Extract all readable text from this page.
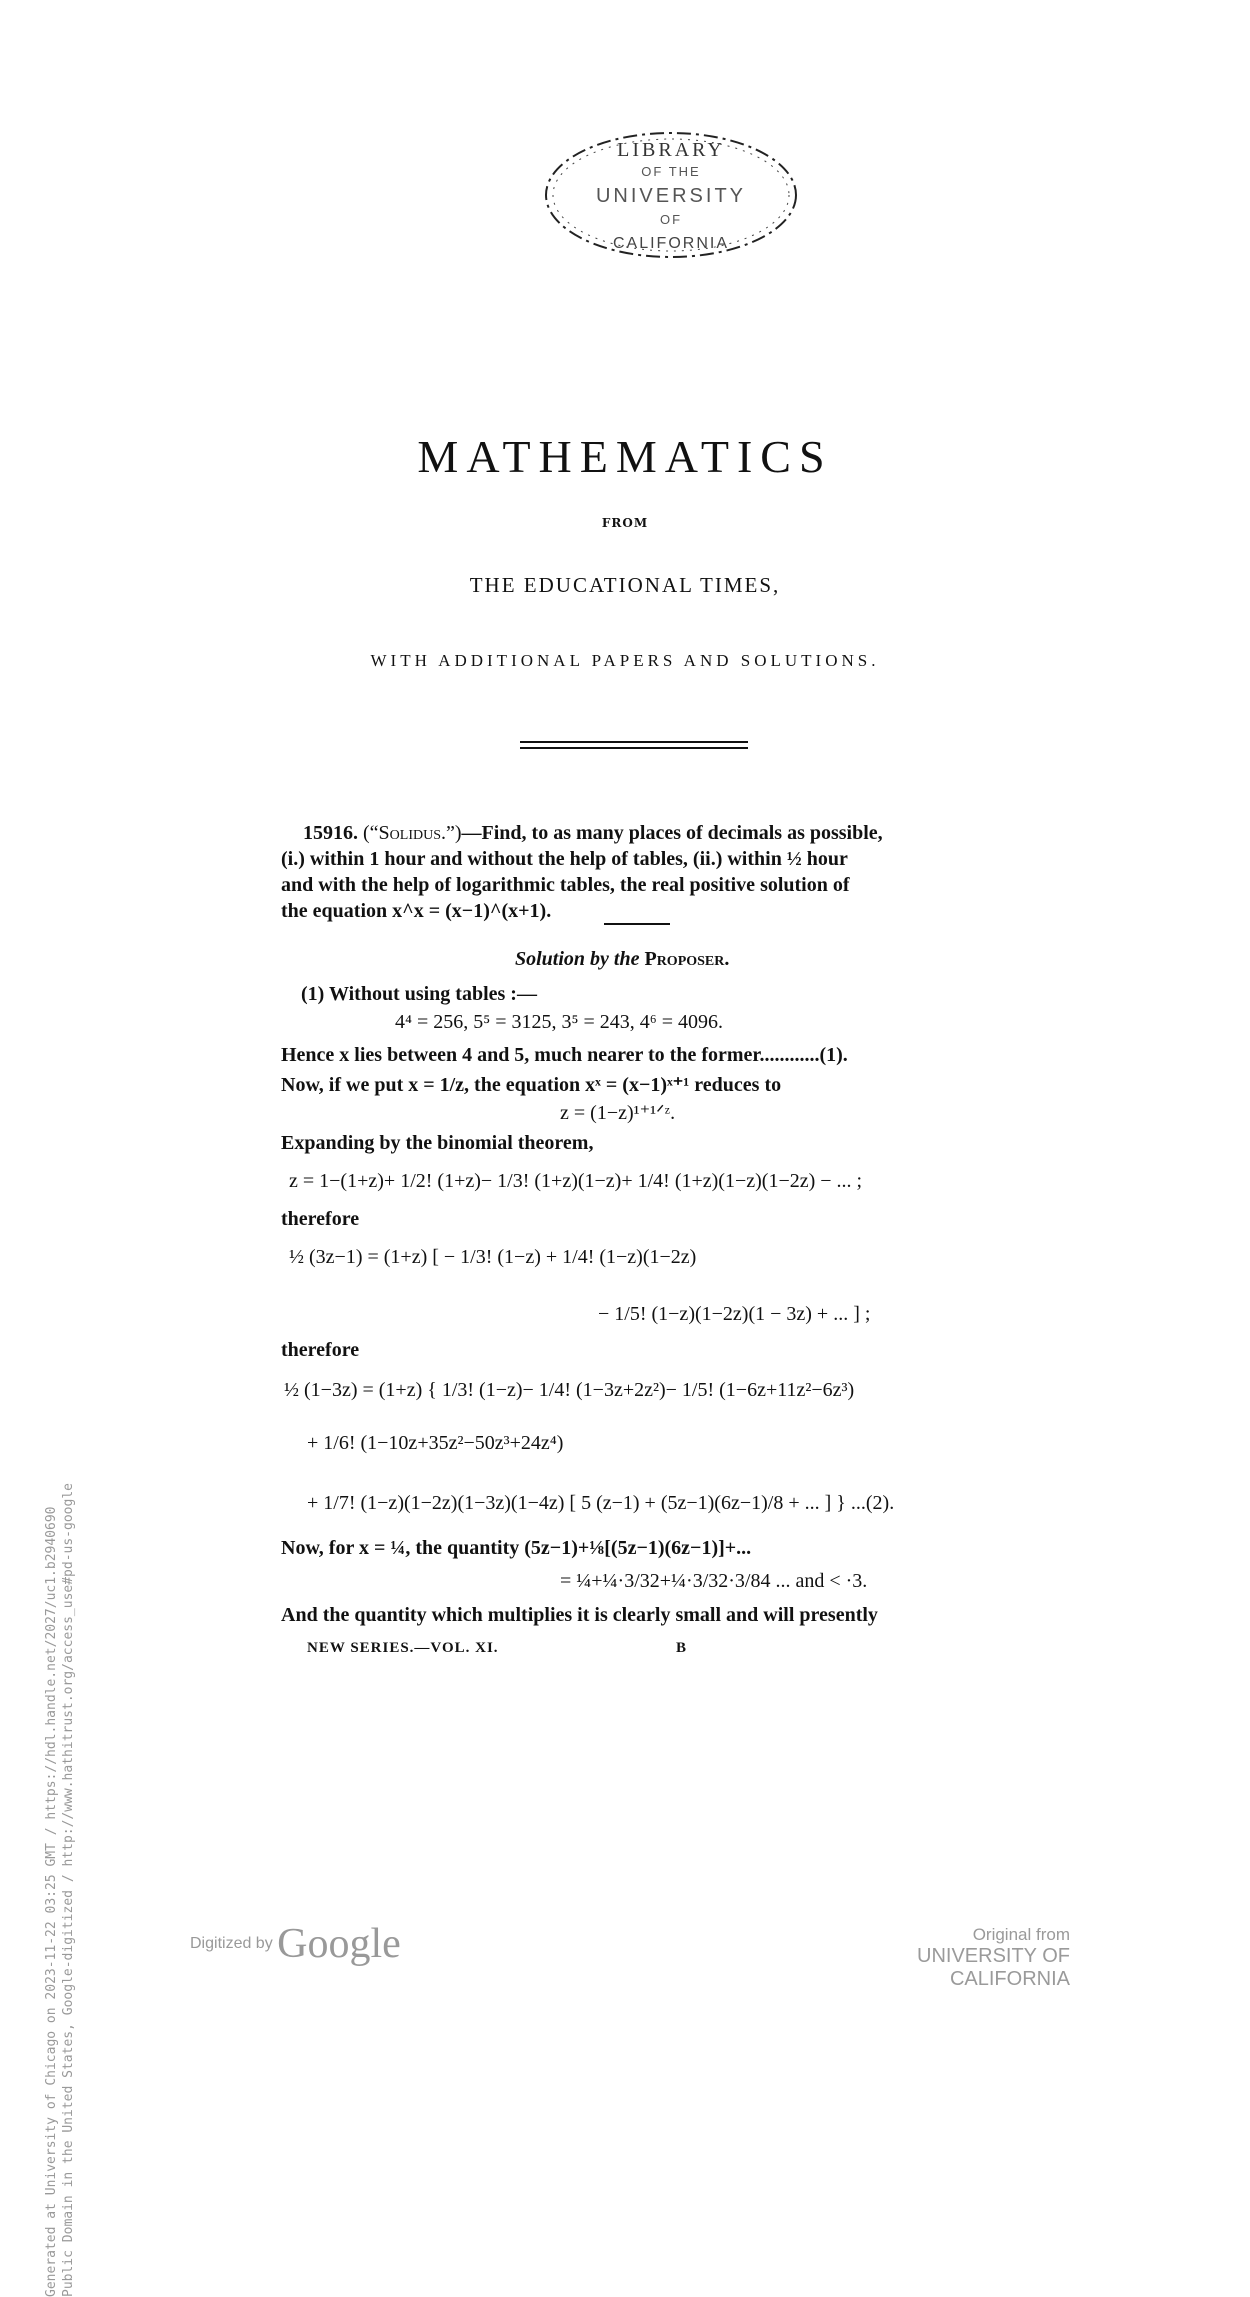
LIBRARY
OF THE
UNIVERSITY
OF
CALIFORNIA
MATHEMATICS
FROM
THE EDUCATIONAL TIMES,
WITH ADDITIONAL PAPERS AND SOLUTIONS.
15916. (“Solidus.”)—Find, to as many places of decimals as possible,
(i.) within 1 hour and without the help of tables, (ii.) within ½ hour
and with the help of logarithmic tables, the real positive solution of
the equation x^x = (x−1)^(x+1).
Solution by the Proposer.
(1) Without using tables :—
4⁴ = 256, 5⁵ = 3125, 3⁵ = 243, 4⁶ = 4096.
Hence x lies between 4 and 5, much nearer to the former............(1).
Now, if we put x = 1/z, the equation xˣ = (x−1)ˣ⁺¹ reduces to
z = (1−z)¹⁺¹ᐟᶻ.
Expanding by the binomial theorem,
z = 1−(1+z)+ 1/2! (1+z)− 1/3! (1+z)(1−z)+ 1/4! (1+z)(1−z)(1−2z) − ... ;
therefore
½ (3z−1) = (1+z) [ − 1/3! (1−z) + 1/4! (1−z)(1−2z)
− 1/5! (1−z)(1−2z)(1 − 3z) + ... ] ;
therefore
½ (1−3z) = (1+z) { 1/3! (1−z)− 1/4! (1−3z+2z²)− 1/5! (1−6z+11z²−6z³)
+ 1/6! (1−10z+35z²−50z³+24z⁴)
+ 1/7! (1−z)(1−2z)(1−3z)(1−4z) [ 5 (z−1) + (5z−1)(6z−1)/8 + ... ] } ...(2).
Now, for x = ¼, the quantity (5z−1)+⅛[(5z−1)(6z−1)]+...
= ¼+¼·3/32+¼·3/32·3/84 ... and < ·3.
And the quantity which multiplies it is clearly small and will presently
NEW SERIES.—VOL. XI.	B
Generated at University of Chicago on 2023-11-22 03:25 GMT / https://hdl.handle.net/2027/uc1.b2940690 Public Domain in the United States, Google-digitized / http://www.hathitrust.org/access_use#pd-us-google	Digitized by Google	Original from
UNIVERSITY OF CALIFORNIA
